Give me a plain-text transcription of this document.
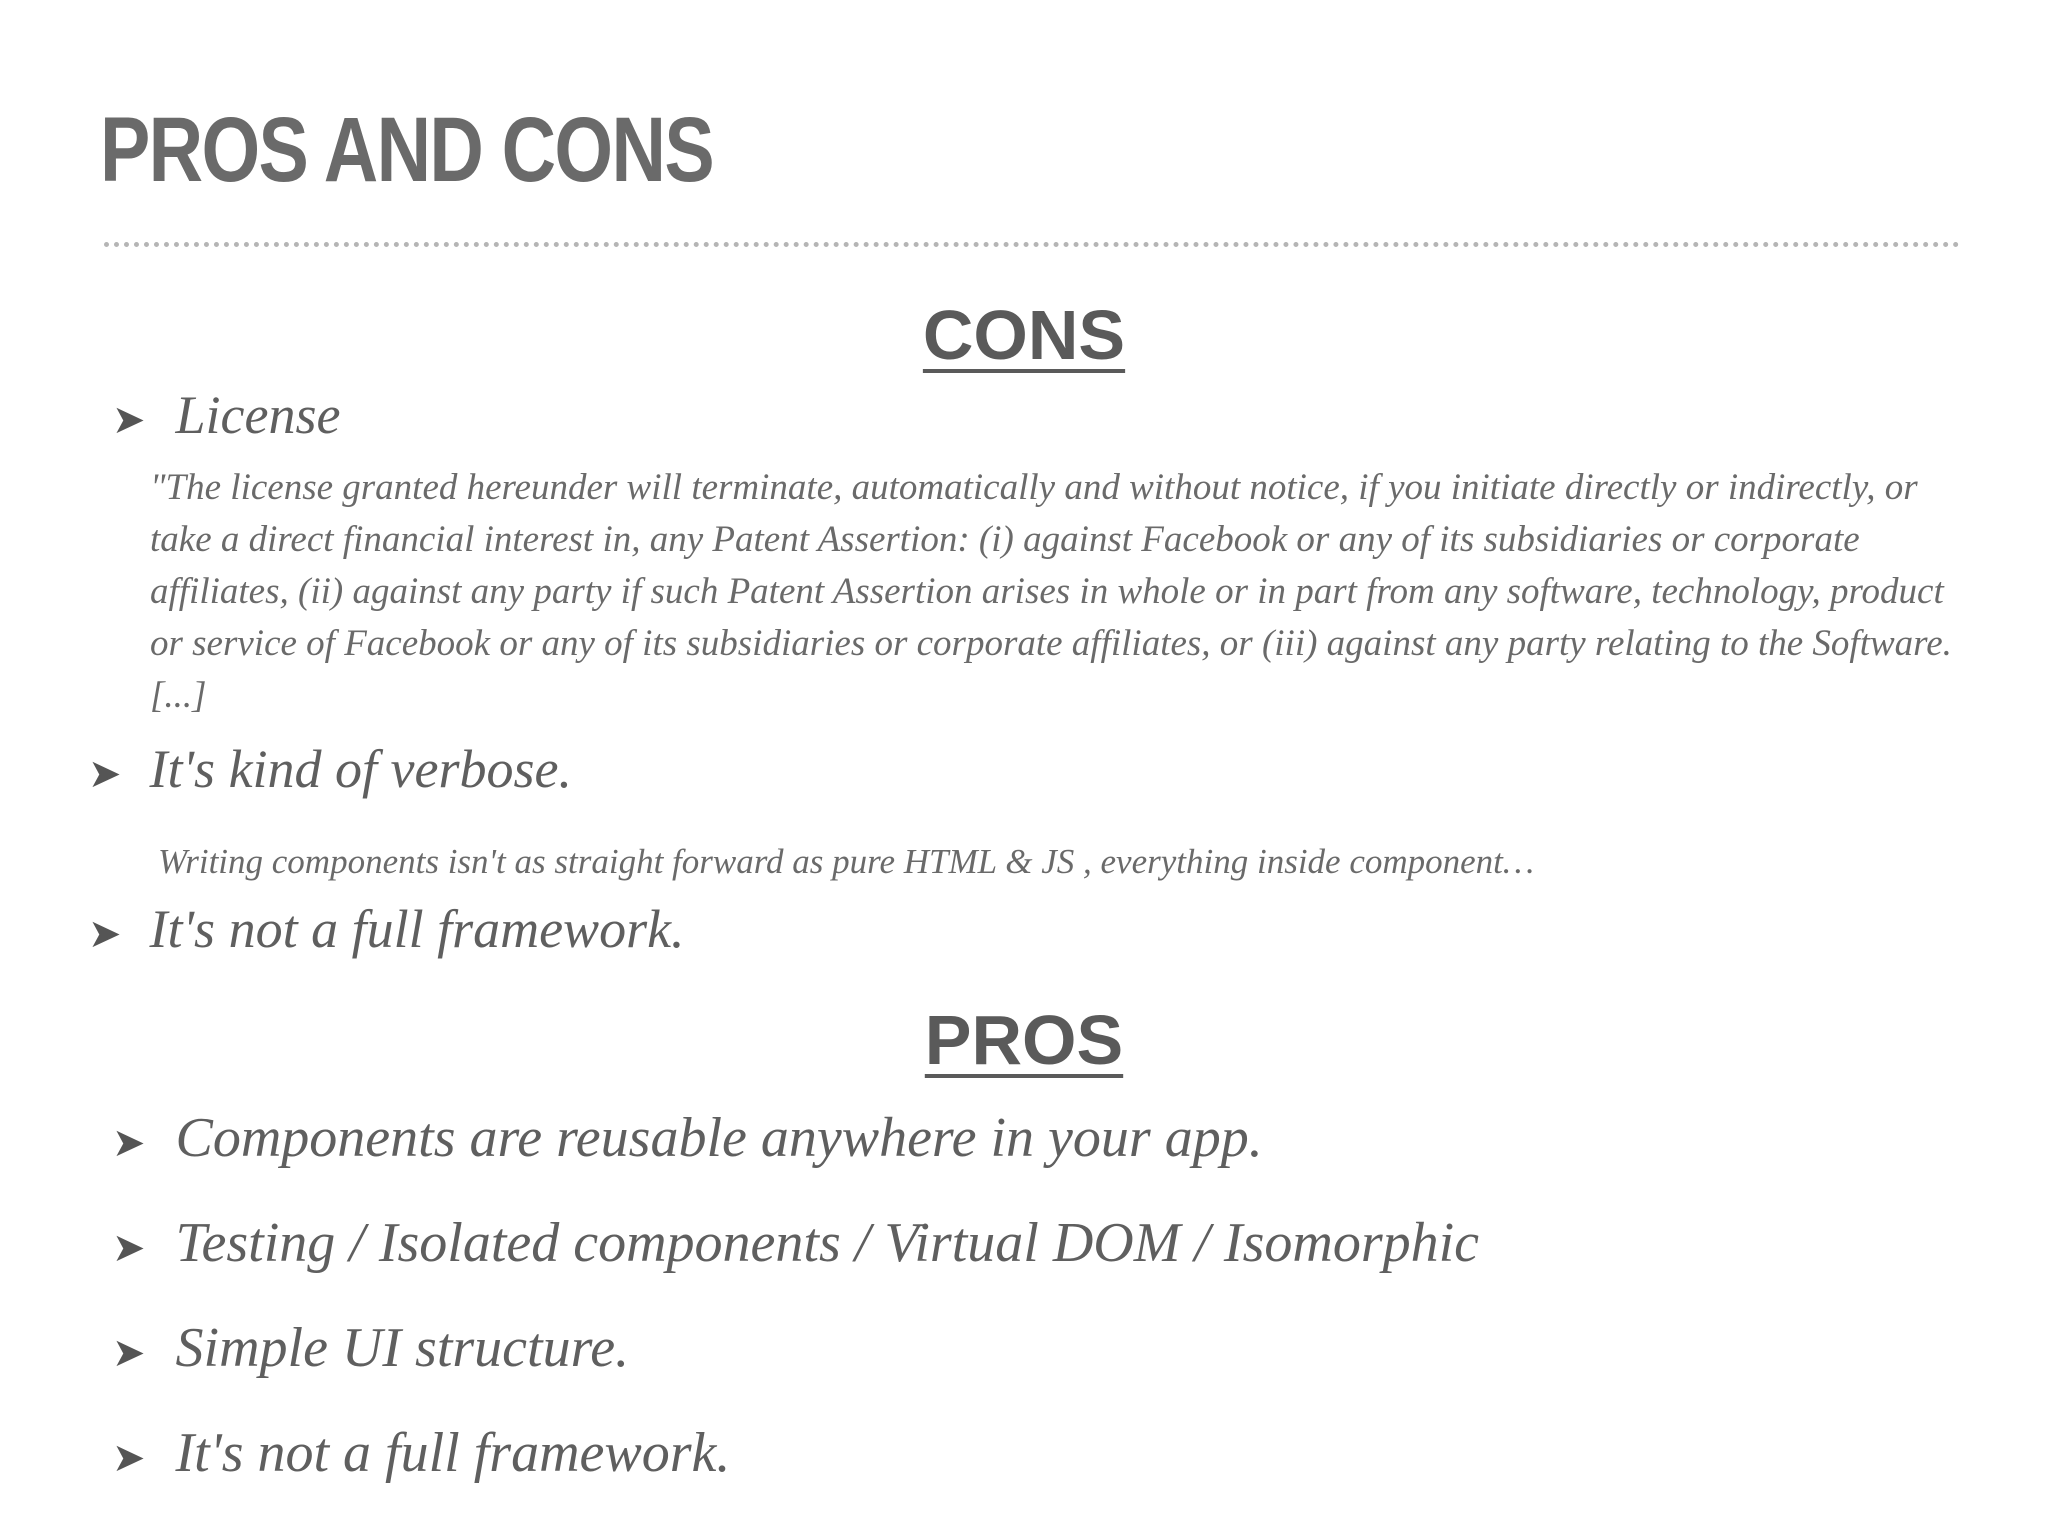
PROS AND CONS
CONS
➤ License
"The license granted hereunder will terminate, automatically and without notice, if you initiate directly or indirectly, or take a direct financial interest in, any Patent Assertion: (i) against Facebook or any of its subsidiaries or corporate affiliates, (ii) against any party if such Patent Assertion arises in whole or in part from any software, technology, product or service of Facebook or any of its subsidiaries or corporate affiliates, or (iii) against any party relating to the Software. [...]
➤ It's kind of verbose.
Writing components isn't as straight forward as pure HTML & JS , everything inside component…
➤ It's not a full framework.
PROS
➤ Components are reusable anywhere in your app.
➤ Testing / Isolated components / Virtual DOM / Isomorphic
➤ Simple UI structure.
➤ It's not a full framework.
